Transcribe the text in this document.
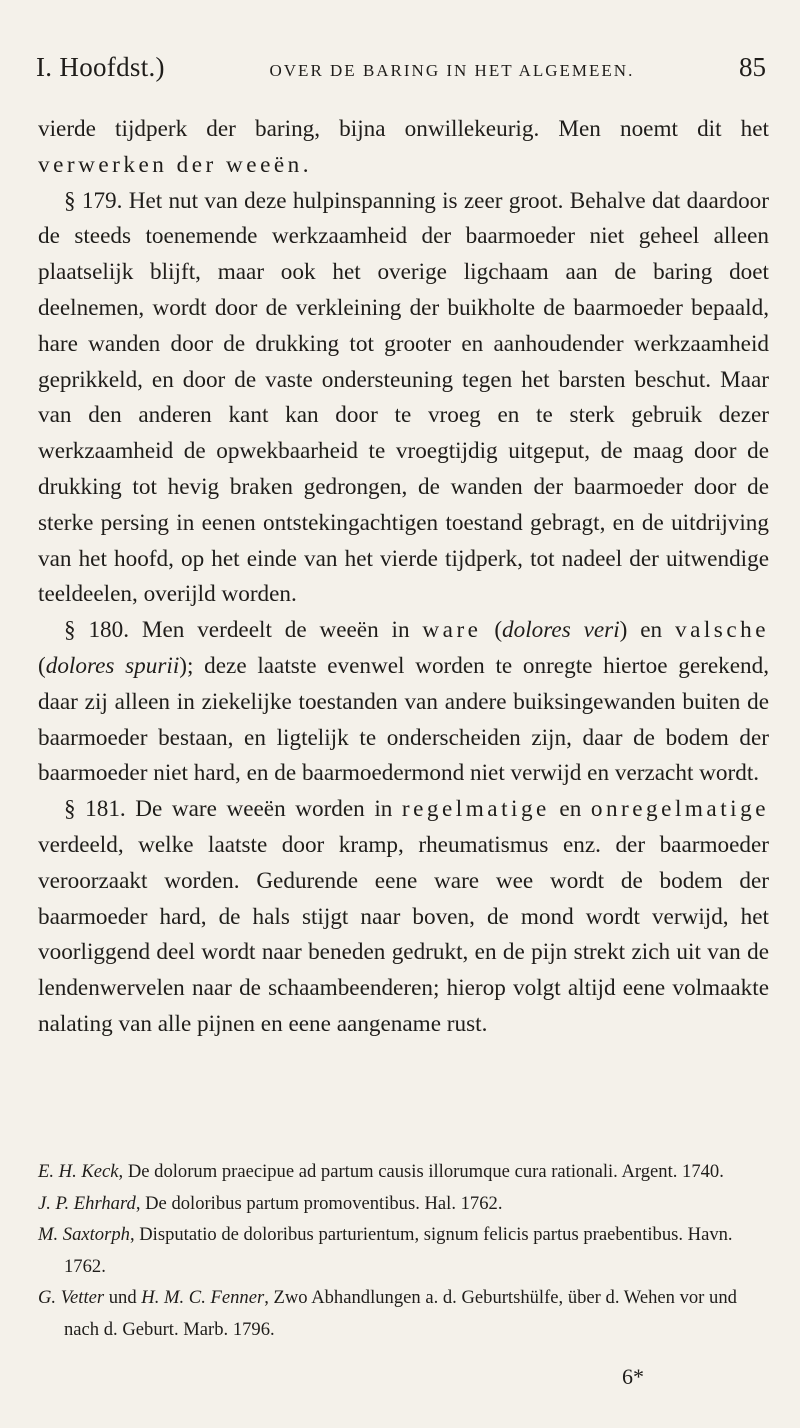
I. Hoofdst.)	OVER DE BARING IN HET ALGEMEEN.	85

vierde tijdperk der baring, bijna onwillekeurig. Men noemt dit het verwerken der weeën.

§ 179. Het nut van deze hulpinspanning is zeer groot. Behalve dat daardoor de steeds toenemende werkzaamheid der baarmoeder niet geheel alleen plaatselijk blijft, maar ook het overige ligchaam aan de baring doet deelnemen, wordt door de verkleining der buikholte de baarmoeder bepaald, hare wanden door de drukking tot grooter en aanhoudender werkzaamheid geprikkeld, en door de vaste ondersteuning tegen het barsten beschut. Maar van den anderen kant kan door te vroeg en te sterk gebruik dezer werkzaamheid de opwekbaarheid te vroegtijdig uitgeput, de maag door de drukking tot hevig braken gedrongen, de wanden der baarmoeder door de sterke persing in eenen ontstekingachtigen toestand gebragt, en de uitdrijving van het hoofd, op het einde van het vierde tijdperk, tot nadeel der uitwendige teeldeelen, overijld worden.

§ 180. Men verdeelt de weeën in ware (dolores veri) en valsche (dolores spurii); deze laatste evenwel worden te onregte hiertoe gerekend, daar zij alleen in ziekelijke toestanden van andere buiksingewanden buiten de baarmoeder bestaan, en ligtelijk te onderscheiden zijn, daar de bodem der baarmoeder niet hard, en de baarmoedermond niet verwijd en verzacht wordt.

§ 181. De ware weeën worden in regelmatige en onregelmatige verdeeld, welke laatste door kramp, rheumatismus enz. der baarmoeder veroorzaakt worden. Gedurende eene ware wee wordt de bodem der baarmoeder hard, de hals stijgt naar boven, de mond wordt verwijd, het voorliggend deel wordt naar beneden gedrukt, en de pijn strekt zich uit van de lendenwervelen naar de schaambeenderen; hierop volgt altijd eene volmaakte nalating van alle pijnen en eene aangename rust.

E. H. Keck, De dolorum praecipue ad partum causis illorumque cura rationali. Argent. 1740.

J. P. Ehrhard, De doloribus partum promoventibus. Hal. 1762.

M. Saxtorph, Disputatio de doloribus parturientum, signum felicis partus praebentibus. Havn. 1762.

G. Vetter und H. M. C. Fenner, Zwo Abhandlungen a. d. Geburtshülfe, über d. Wehen vor und nach d. Geburt. Marb. 1796.

6*
